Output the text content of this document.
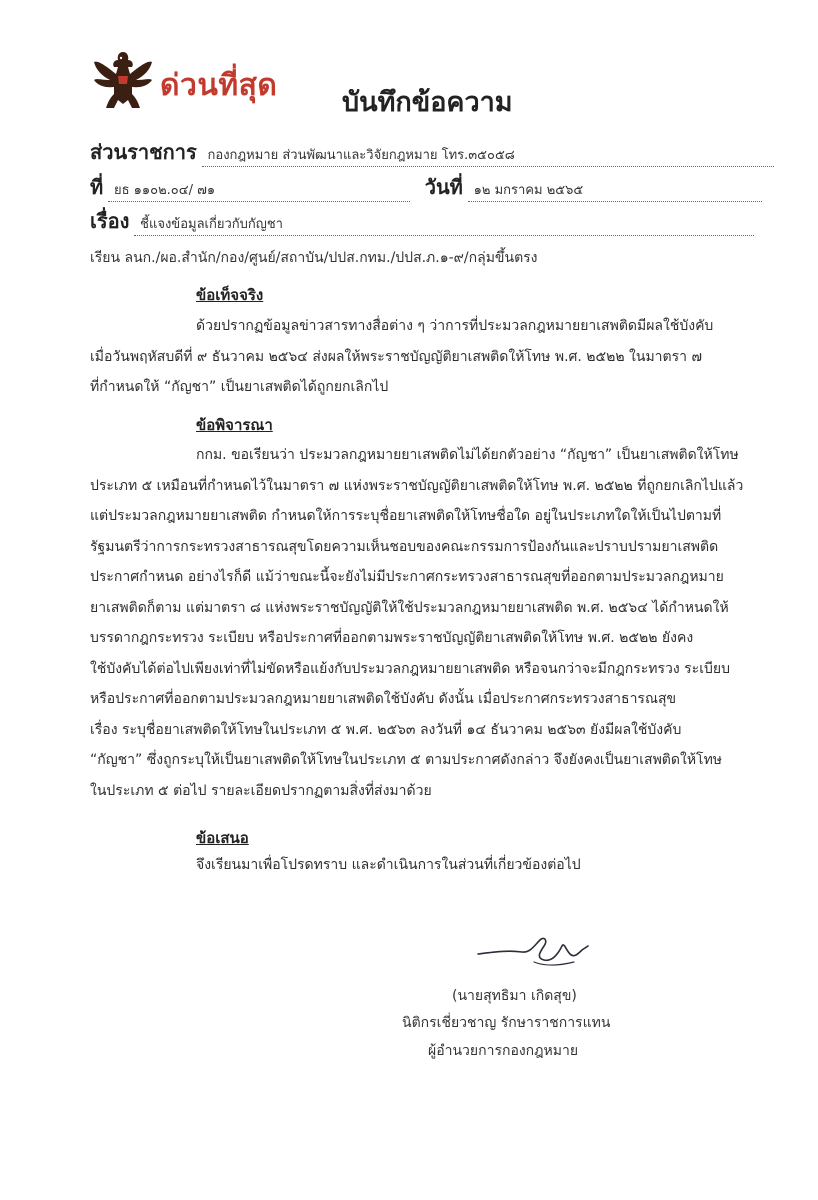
ด่วนที่สุด บันทึกข้อความ
ส่วนราชการ กองกฎหมาย ส่วนพัฒนาและวิจัยกฎหมาย โทร.๓๕๐๕๘
ที่ ยธ ๑๑๐๒.๐๔/ ๗๑	วันที่ ๑๒ มกราคม ๒๕๖๕
เรื่อง ชี้แจงข้อมูลเกี่ยวกับกัญชา
เรียน ลนก./ผอ.สำนัก/กอง/ศูนย์/สถาบัน/ปปส.กทม./ปปส.ภ.๑-๙/กลุ่มขึ้นตรง
ข้อเท็จจริง

ด้วยปรากฏข้อมูลข่าวสารทางสื่อต่าง ๆ ว่าการที่ประมวลกฎหมายยาเสพติดมีผลใช้บังคับ

เมื่อวันพฤหัสบดีที่ ๙ ธันวาคม ๒๕๖๔ ส่งผลให้พระราชบัญญัติยาเสพติดให้โทษ พ.ศ. ๒๕๒๒ ในมาตรา ๗

ที่กำหนดให้ “กัญชา” เป็นยาเสพติดได้ถูกยกเลิกไป

ข้อพิจารณา

กกม. ขอเรียนว่า ประมวลกฎหมายยาเสพติดไม่ได้ยกตัวอย่าง “กัญชา” เป็นยาเสพติดให้โทษ

ประเภท ๕ เหมือนที่กำหนดไว้ในมาตรา ๗ แห่งพระราชบัญญัติยาเสพติดให้โทษ พ.ศ. ๒๕๒๒ ที่ถูกยกเลิกไปแล้ว

แต่ประมวลกฎหมายยาเสพติด กำหนดให้การระบุชื่อยาเสพติดให้โทษชื่อใด อยู่ในประเภทใดให้เป็นไปตามที่

รัฐมนตรีว่าการกระทรวงสาธารณสุขโดยความเห็นชอบของคณะกรรมการป้องกันและปราบปรามยาเสพติด

ประกาศกำหนด อย่างไรก็ดี แม้ว่าขณะนี้จะยังไม่มีประกาศกระทรวงสาธารณสุขที่ออกตามประมวลกฎหมาย

ยาเสพติดก็ตาม แต่มาตรา ๘ แห่งพระราชบัญญัติให้ใช้ประมวลกฎหมายยาเสพติด พ.ศ. ๒๕๖๔ ได้กำหนดให้

บรรดากฎกระทรวง ระเบียบ หรือประกาศที่ออกตามพระราชบัญญัติยาเสพติดให้โทษ พ.ศ. ๒๕๒๒ ยังคง

ใช้บังคับได้ต่อไปเพียงเท่าที่ไม่ขัดหรือแย้งกับประมวลกฎหมายยาเสพติด หรือจนกว่าจะมีกฎกระทรวง ระเบียบ

หรือประกาศที่ออกตามประมวลกฎหมายยาเสพติดใช้บังคับ ดังนั้น เมื่อประกาศกระทรวงสาธารณสุข

เรื่อง ระบุชื่อยาเสพติดให้โทษในประเภท ๕ พ.ศ. ๒๕๖๓ ลงวันที่ ๑๔ ธันวาคม ๒๕๖๓ ยังมีผลใช้บังคับ

“กัญชา” ซึ่งถูกระบุให้เป็นยาเสพติดให้โทษในประเภท ๕ ตามประกาศดังกล่าว จึงยังคงเป็นยาเสพติดให้โทษ

ในประเภท ๕ ต่อไป รายละเอียดปรากฏตามสิ่งที่ส่งมาด้วย

ข้อเสนอ

จึงเรียนมาเพื่อโปรดทราบ และดำเนินการในส่วนที่เกี่ยวข้องต่อไป

(นายสุทธิมา เกิดสุข)
นิติกรเชี่ยวชาญ รักษาราชการแทน
ผู้อำนวยการกองกฎหมาย
